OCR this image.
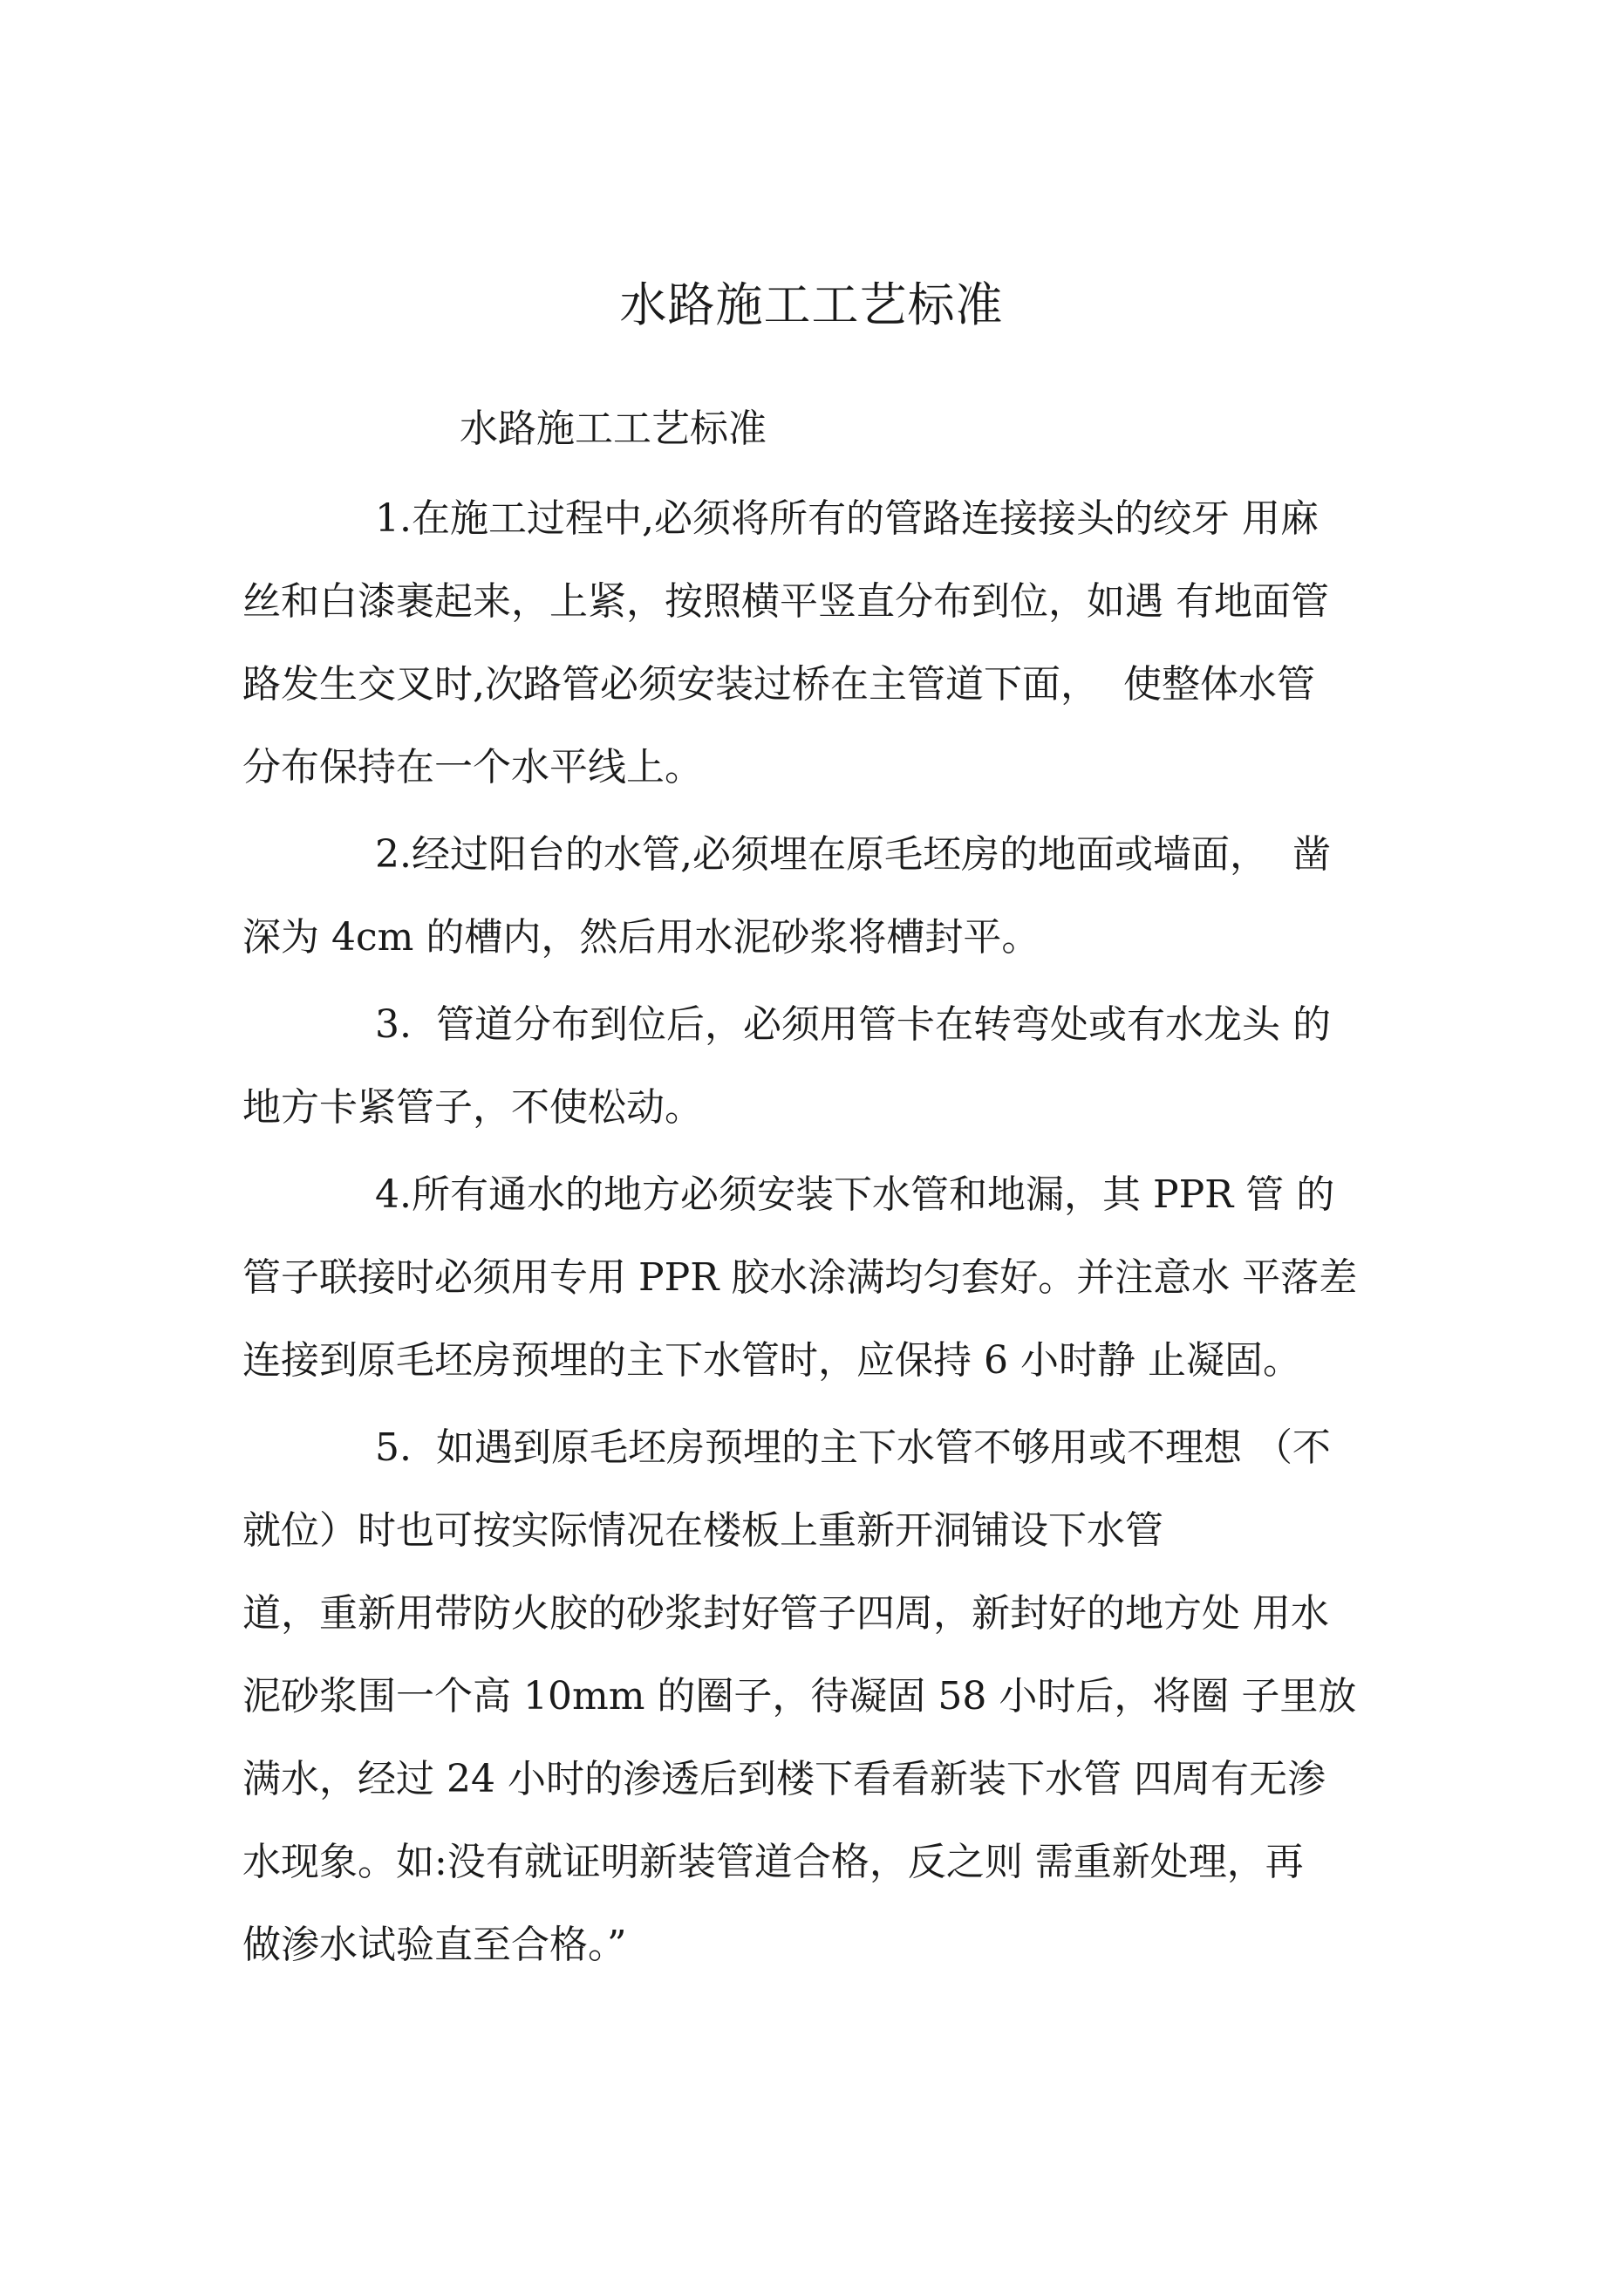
水路施工工艺标准
水路施工工艺标准
1.在施工过程中,必须将所有的管路连接接头的绞牙 用麻
丝和白漆裹起来，上紧，按照横平竖直分布到位，如遇 有地面管
路发生交叉时,次路管必须安装过桥在主管道下面，  使整体水管
分布保持在一个水平线上。
2.经过阳台的水管,必须埋在原毛坯房的地面或墙面，  凿
深为 4cm 的槽内，然后用水泥砂浆将槽封平。
3.  管道分布到位后，必须用管卡在转弯处或有水龙头 的
地方卡紧管子，不使松动。
4.所有通水的地方必须安装下水管和地漏，其 PPR 管 的
管子联接时必须用专用 PPR 胶水涂满均匀套好。并注意水 平落差
连接到原毛坯房预埋的主下水管时，应保持 6 小时静 止凝固。
5.  如遇到原毛坯房预埋的主下水管不够用或不理想 （不
就位）时也可按实际情况在楼板上重新开洞铺设下水管
道，重新用带防火胶的砂浆封好管子四周，新封好的地方处 用水
泥砂浆围一个高 10mm 的圈子，待凝固 58 小时后，将圈 子里放
满水，经过 24 小时的渗透后到楼下看看新装下水管 四周有无渗
水现象。如:没有就证明新装管道合格，反之则 需重新处理，再
做渗水试验直至合格。”
